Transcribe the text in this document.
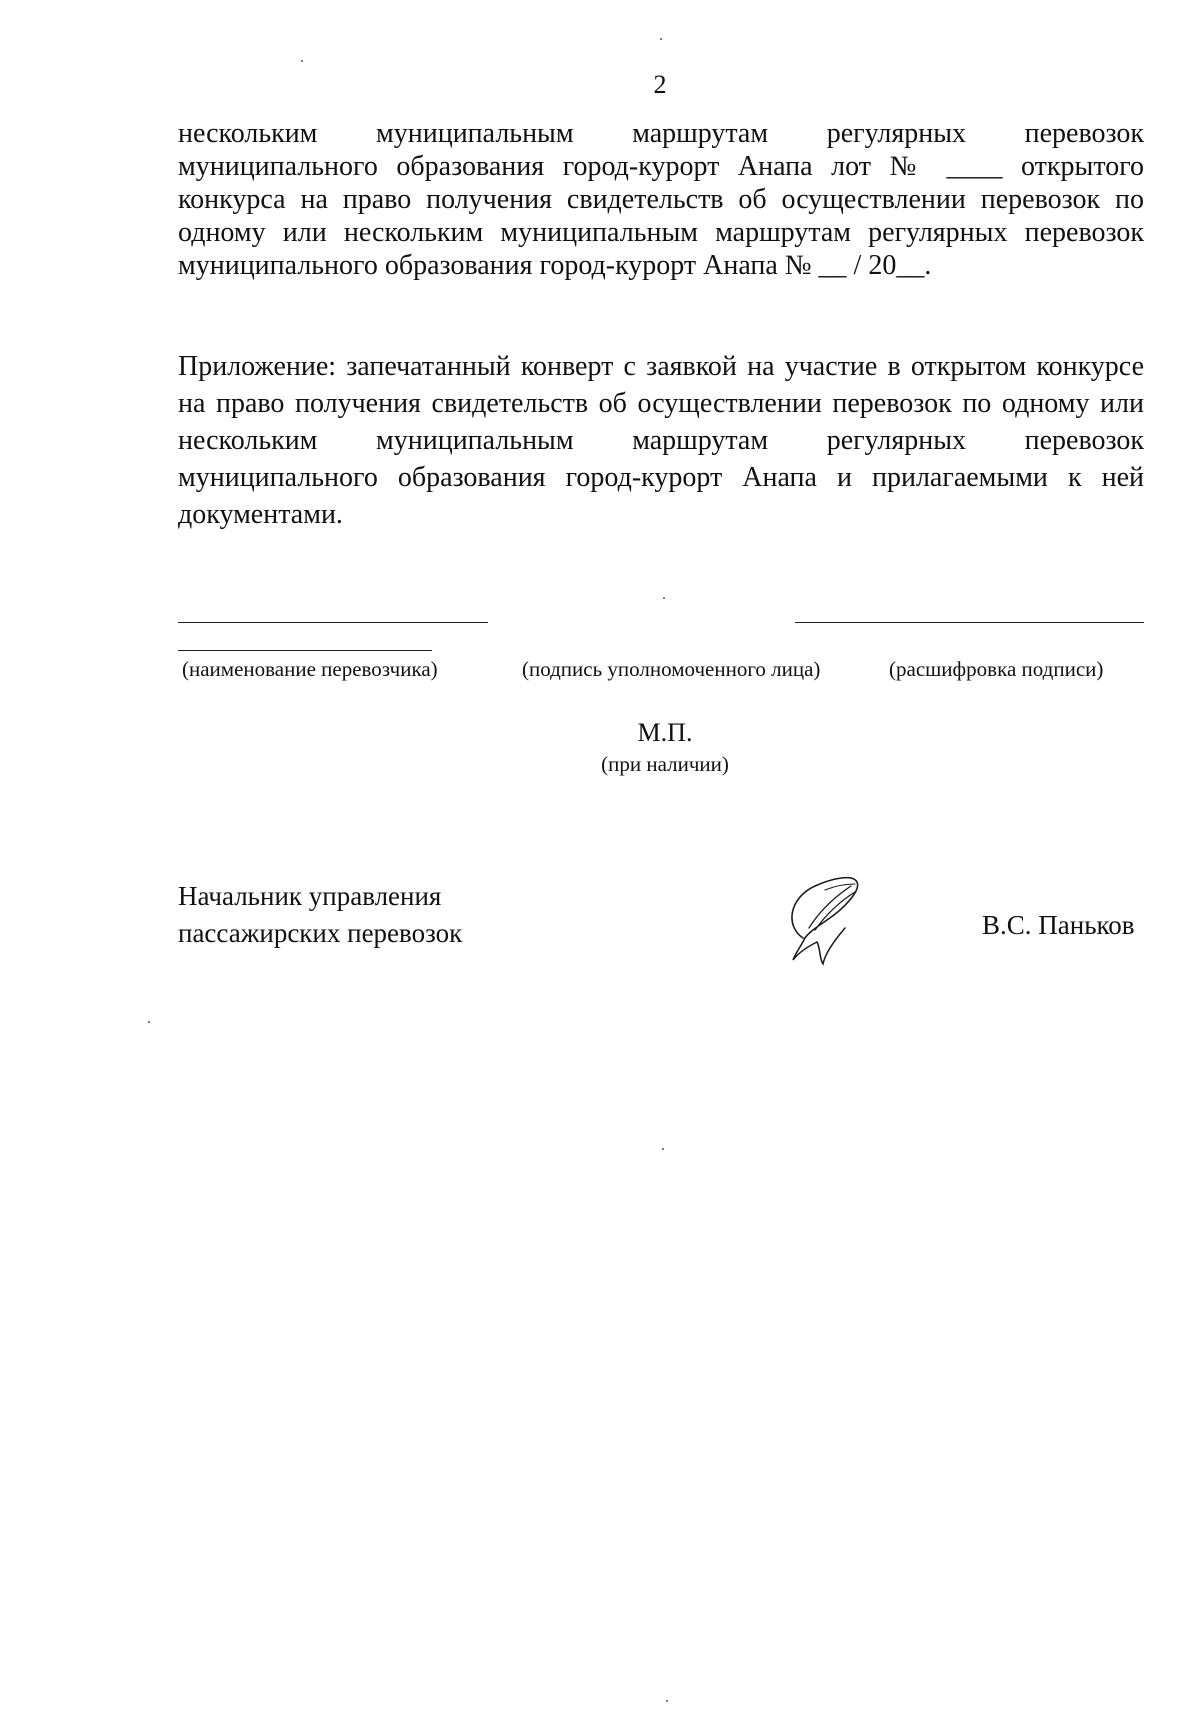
2
нескольким муниципальным маршрутам регулярных перевозок
муниципального образования город-курорт Анапа лот № ____ открытого
конкурса на право получения свидетельств об осуществлении перевозок по
одному или нескольким муниципальным маршрутам регулярных перевозок
муниципального образования город-курорт Анапа № __ / 20__.
Приложение: запечатанный конверт с заявкой на участие в открытом конкурсе
на право получения свидетельств об осуществлении перевозок по одному или
нескольким муниципальным маршрутам регулярных перевозок
муниципального образования город-курорт Анапа и прилагаемыми к ней
документами.
(наименование перевозчика)	(подпись уполномоченного лица)	(расшифровка подписи)
М.П.
(при наличии)
Начальник управления
пассажирских перевозок	В.С. Паньков
